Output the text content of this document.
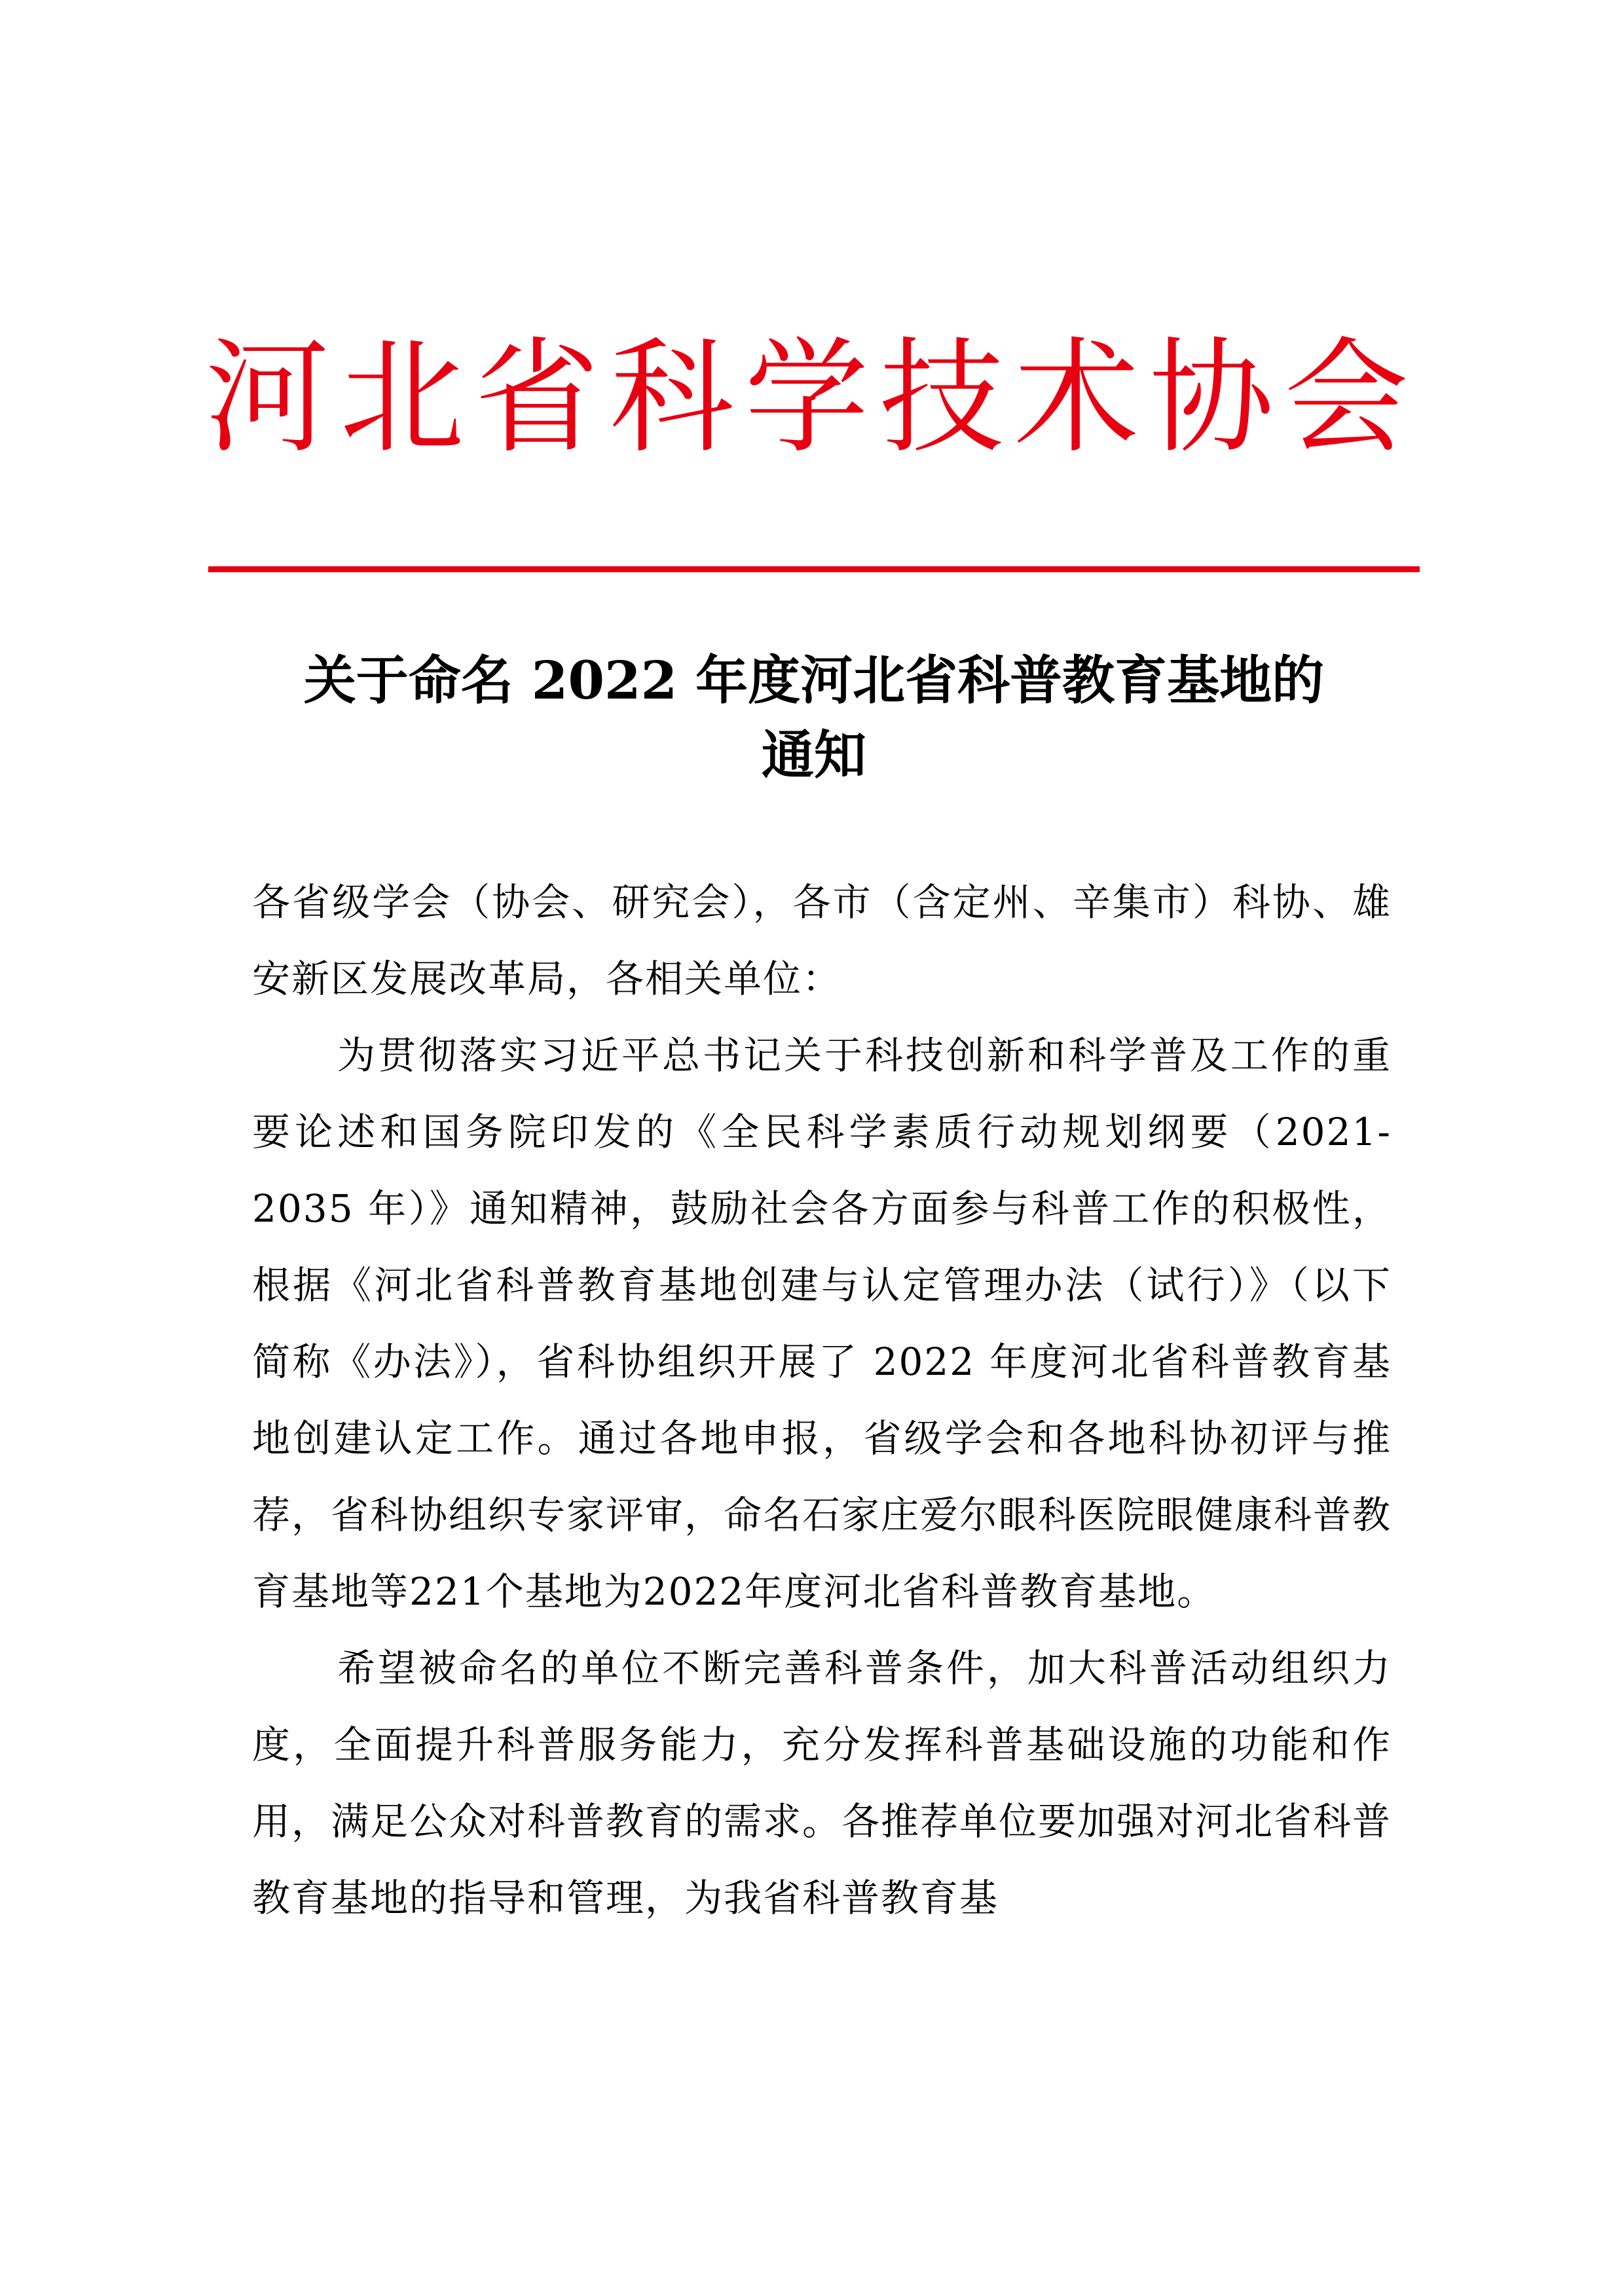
河北省科学技术协会
关于命名 2022 年度河北省科普教育基地的
通知

各省级学会（协会、研究会），各市（含定州、辛集市）科协、雄安新区发展改革局，各相关单位：

为贯彻落实习近平总书记关于科技创新和科学普及工作的重要论述和国务院印发的《全民科学素质行动规划纲要（2021-2035 年）》通知精神，鼓励社会各方面参与科普工作的积极性，根据《河北省科普教育基地创建与认定管理办法（试行）》（以下简称《办法》），省科协组织开展了 2022 年度河北省科普教育基地创建认定工作。通过各地申报，省级学会和各地科协初评与推荐，省科协组织专家评审，命名石家庄爱尔眼科医院眼健康科普教育基地等221个基地为2022年度河北省科普教育基地。

希望被命名的单位不断完善科普条件，加大科普活动组织力度，全面提升科普服务能力，充分发挥科普基础设施的功能和作用，满足公众对科普教育的需求。各推荐单位要加强对河北省科普教育基地的指导和管理，为我省科普教育基
